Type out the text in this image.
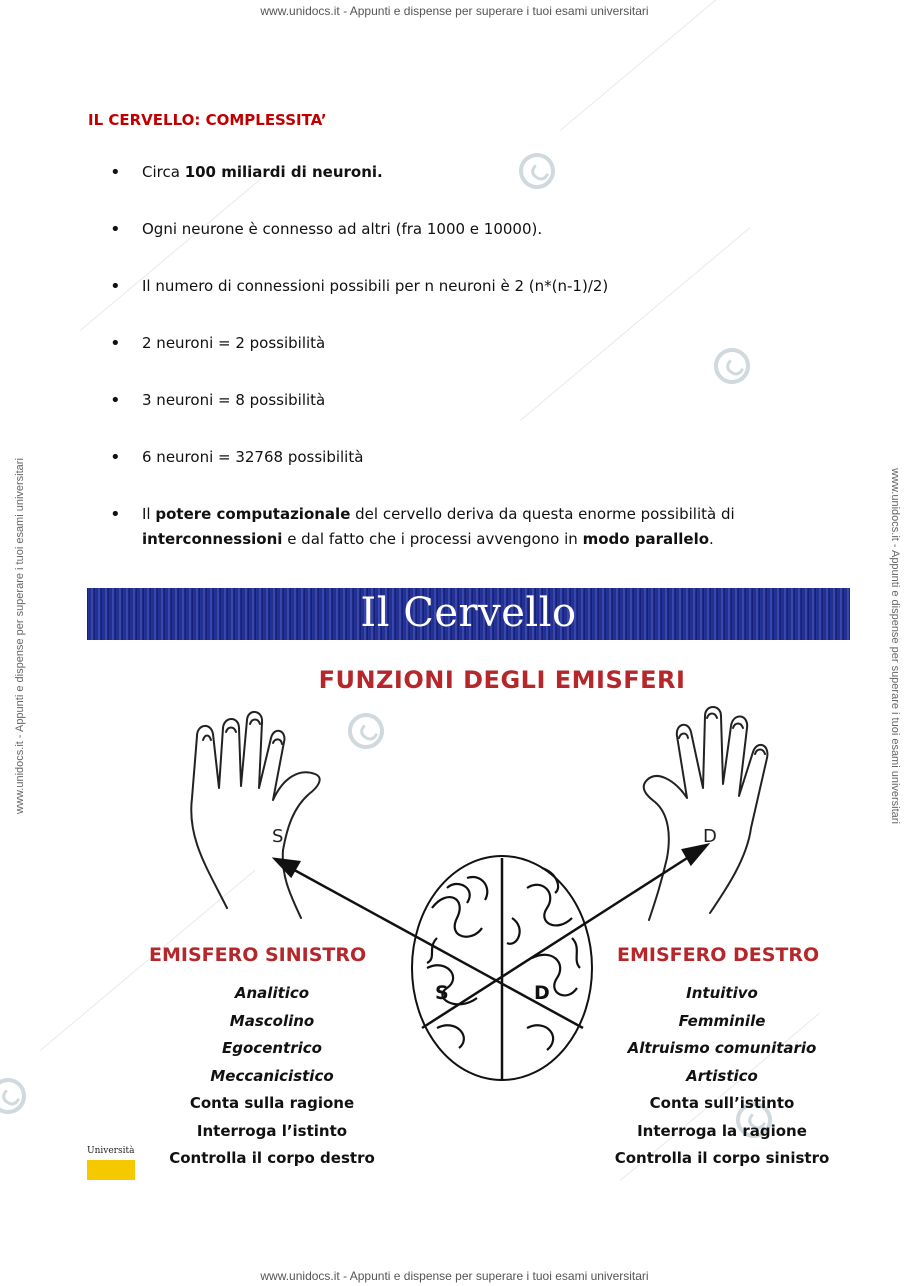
www.unidocs.it - Appunti e dispense per superare i tuoi esami universitari
www.unidocs.it - Appunti e dispense per superare i tuoi esami universitari
www.unidocs.it - Appunti e dispense per superare i tuoi esami universitari	www.unidocs.it - Appunti e dispense per superare i tuoi esami universitari
IL CERVELLO: COMPLESSITA’
• Circa 100 miliardi di neuroni.
• Ogni neurone è connesso ad altri (fra 1000 e 10000).
• Il numero di connessioni possibili per n neuroni è 2 (n*(n-1)/2)
• 2 neuroni = 2 possibilità
• 3 neuroni = 8 possibilità
• 6 neuroni = 32768 possibilità
• Il potere computazionale del cervello deriva da questa enorme possibilità di interconnessioni e dal fatto che i processi avvengono in modo parallelo.
Il Cervello
FUNZIONI DEGLI EMISFERI
S	D
S	D
EMISFERO SINISTRO
Analitico
Mascolino
Egocentrico
Meccanicistico
Conta sulla ragione
Interroga l’istinto
Controlla il corpo destro
EMISFERO DESTRO
Intuitivo
Femminile
Altruismo comunitario
Artistico
Conta sull’istinto
Interroga la ragione
Controlla il corpo sinistro
Università
